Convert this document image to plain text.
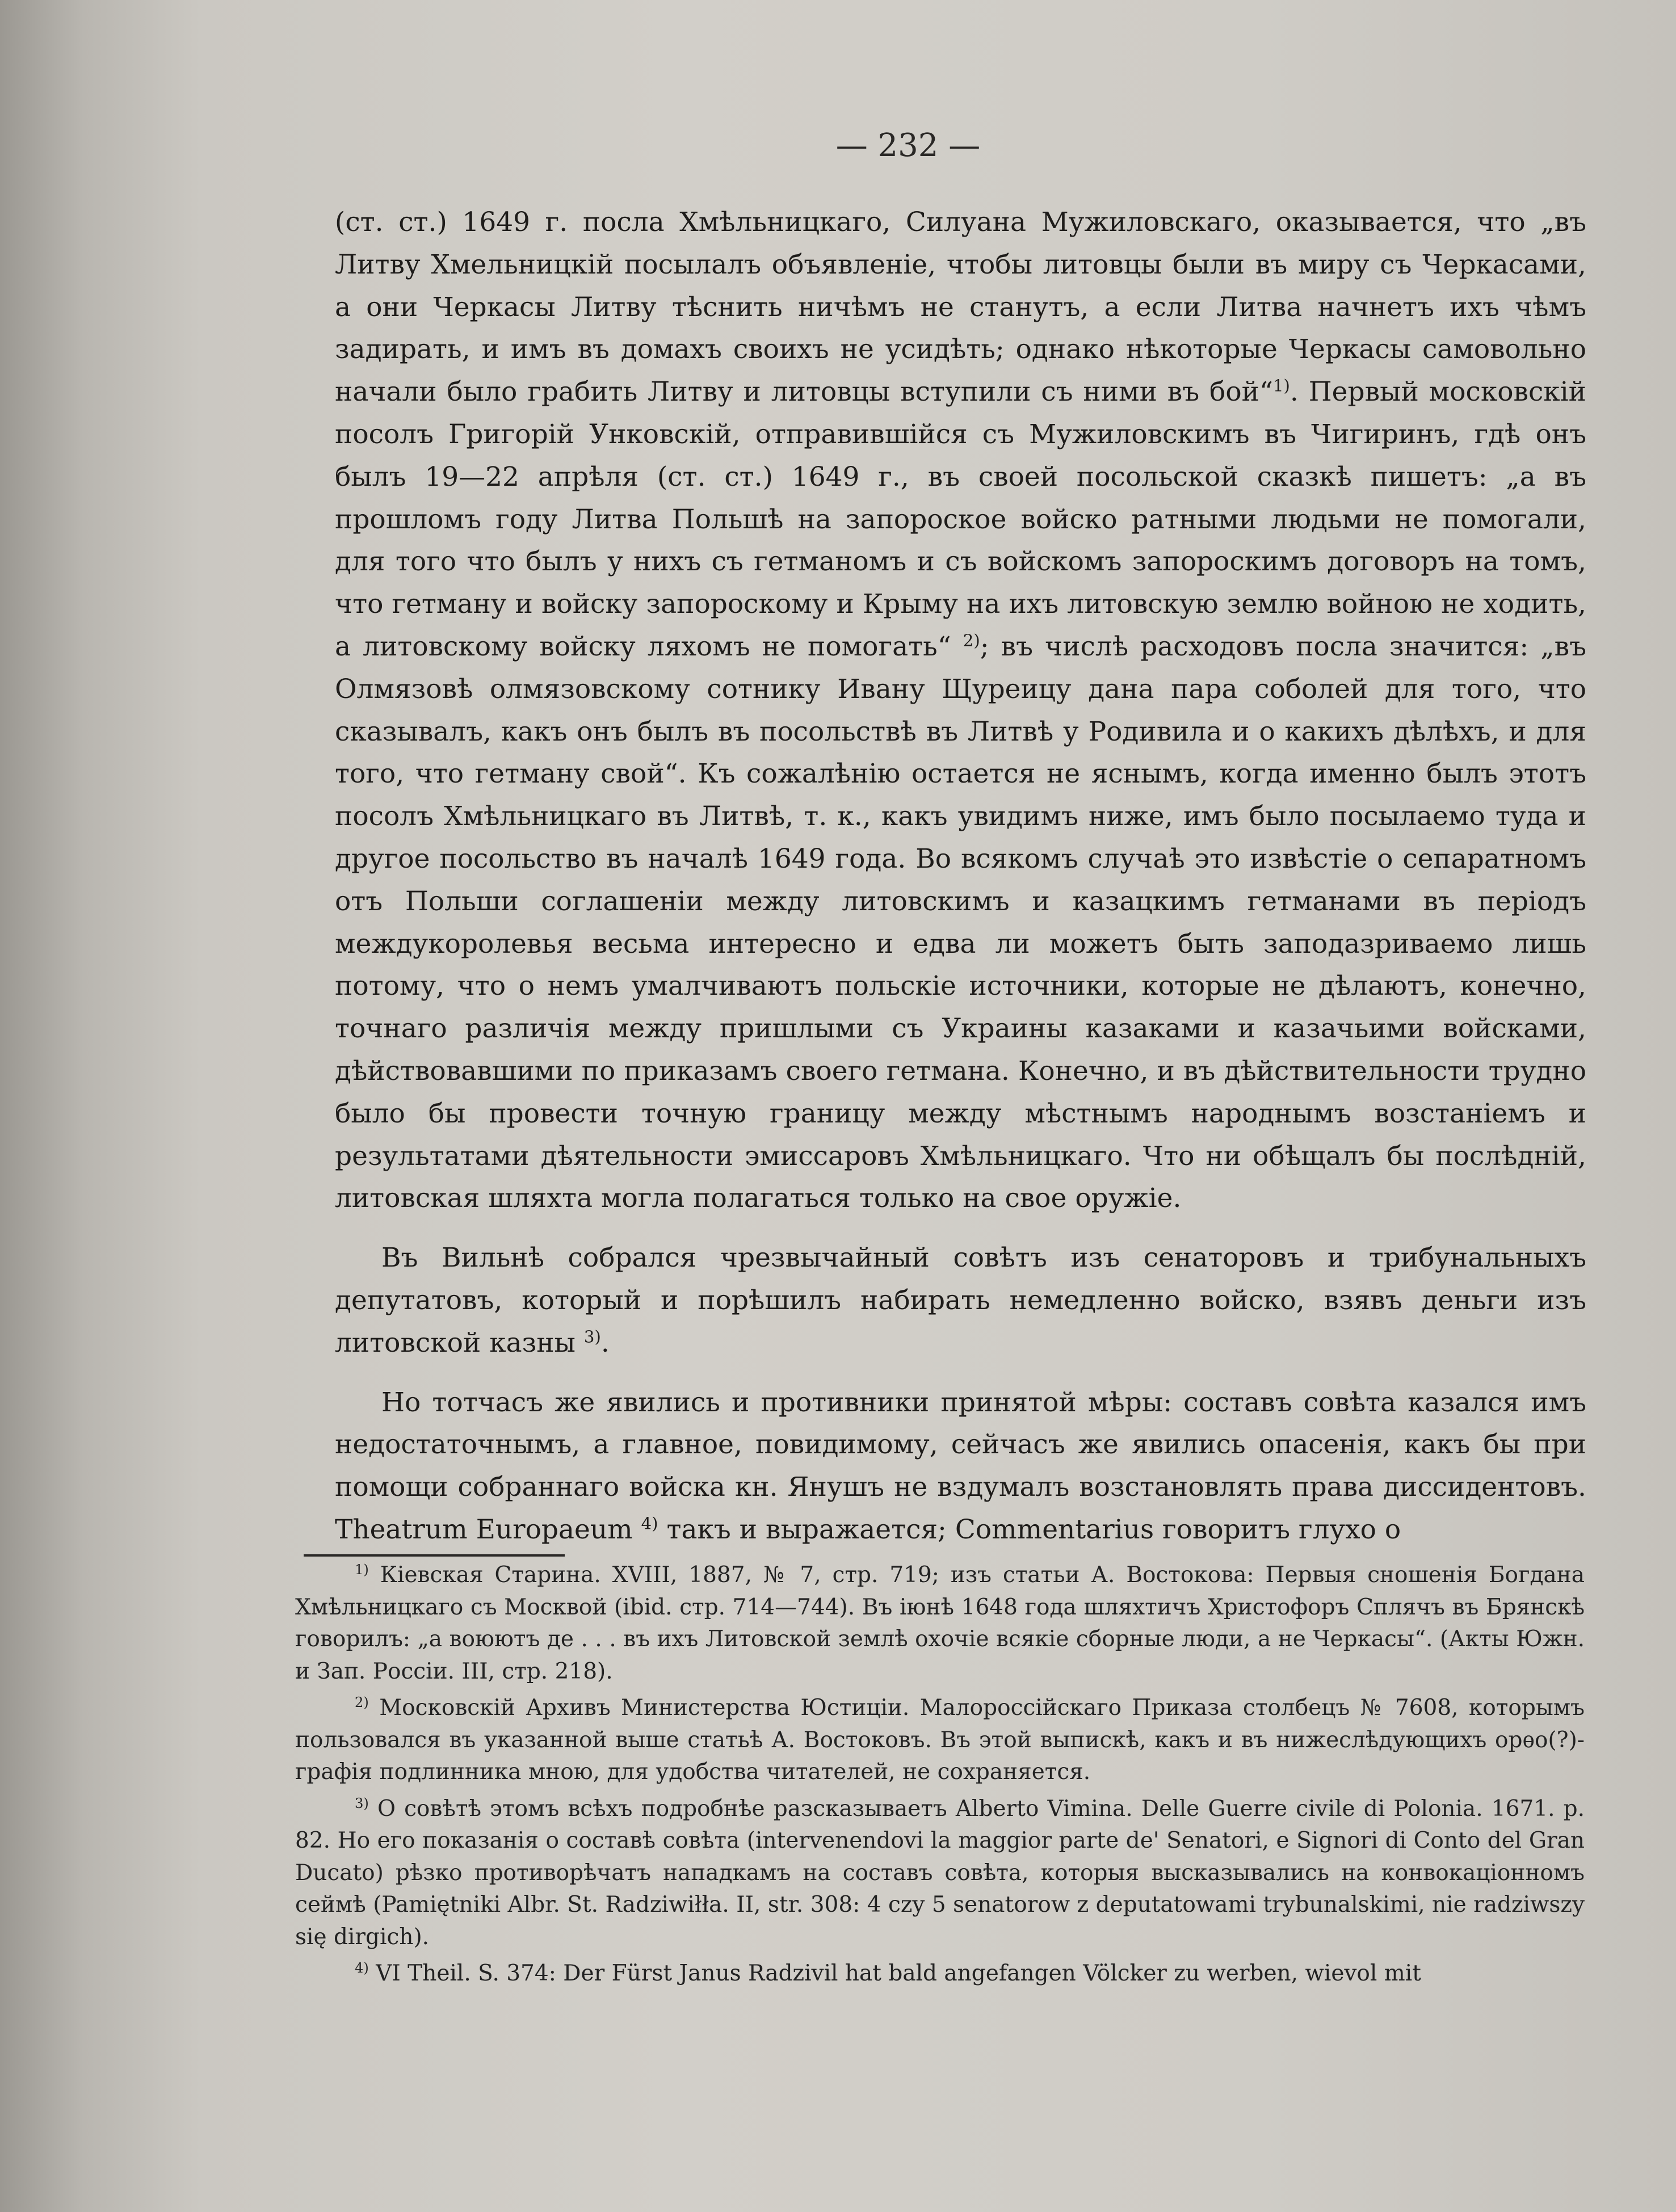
— 232 —

(ст. ст.) 1649 г. посла Хмѣльницкаго, Силуана Мужиловскаго, оказывается, что „въ Литву Хмельницкій посылалъ объявленіе, чтобы литовцы были въ миру съ Черкасами, а они Черкасы Литву тѣснить ничѣмъ не станутъ, а если Литва начнетъ ихъ чѣмъ задирать, и имъ въ домахъ своихъ не усидѣть; однако нѣкоторые Черкасы самовольно начали было грабить Литву и литовцы вступили съ ними въ бой“$^{1)}$. Первый московскій посолъ Григорій Унковскій, отправившійся съ Мужиловскимъ въ Чигиринъ, гдѣ онъ былъ 19—22 апрѣля (ст. ст.) 1649 г., въ своей посольской сказкѣ пишетъ: „а въ прошломъ году Литва Польшѣ на запороское войско ратными людьми не помогали, для того что былъ у нихъ съ гетманомъ и съ войскомъ запороскимъ договоръ на томъ, что гетману и войску запороскому и Крыму на ихъ литовскую землю войною не ходить, а литовскому войску ляхомъ не помогать“ $^{2)}$; въ числѣ расходовъ посла значится: „въ Олмязовѣ олмязовскому сотнику Ивану Щуреицу дана пара соболей для того, что сказывалъ, какъ онъ былъ въ посольствѣ въ Литвѣ у Родивила и о какихъ дѣлѣхъ, и для того, что гетману свой“. Къ сожалѣнію остается не яснымъ, когда именно былъ этотъ посолъ Хмѣльницкаго въ Литвѣ, т. к., какъ увидимъ ниже, имъ было посылаемо туда и другое посольство въ началѣ 1649 года. Во всякомъ случаѣ это извѣстіе о сепаратномъ отъ Польши соглашеніи между литовскимъ и казацкимъ гетманами въ періодъ междукоролевья весьма интересно и едва ли можетъ быть заподазриваемо лишь потому, что о немъ умалчиваютъ польскіе источники, которые не дѣлаютъ, конечно, точнаго различія между пришлыми съ Украины казаками и казачьими войсками, дѣйствовавшими по приказамъ своего гетмана. Конечно, и въ дѣйствительности трудно было бы провести точную границу между мѣстнымъ народнымъ возстаніемъ и результатами дѣятельности эмиссаровъ Хмѣльницкаго. Что ни обѣщалъ бы послѣдній, литовская шляхта могла полагаться только на свое оружіе.

Въ Вильнѣ собрался чрезвычайный совѣтъ изъ сенаторовъ и трибунальныхъ депутатовъ, который и порѣшилъ набирать немедленно войско, взявъ деньги изъ литовской казны $^{3)}$.

Но тотчасъ же явились и противники принятой мѣры: составъ совѣта казался имъ недостаточнымъ, а главное, повидимому, сейчасъ же явились опасенія, какъ бы при помощи собраннаго войска кн. Янушъ не вздумалъ возстановлять права диссидентовъ. Theatrum Europaeum $^{4)}$ такъ и выражается; Commentarius говоритъ глухо о

$^{1)}$ Кіевская Старина. XVIII, 1887, № 7, стр. 719; изъ статьи А. Востокова: Первыя сношенія Богдана Хмѣльницкаго съ Москвой (ibid. стр. 714—744). Въ іюнѣ 1648 года шляхтичъ Христофоръ Сплячъ въ Брянскѣ говорилъ: „а воюютъ де . . . въ ихъ Литовской землѣ охочіе всякіе сборные люди, а не Черкасы“. (Акты Южн. и Зап. Россіи. III, стр. 218).

$^{2)}$ Московскій Архивъ Министерства Юстиціи. Малороссійскаго Приказа столбецъ № 7608, которымъ пользовался въ указанной выше статьѣ А. Востоковъ. Въ этой выпискѣ, какъ и въ нижеслѣдующихъ орѳо(?)-графія подлинника мною, для удобства читателей, не сохраняется.

$^{3)}$ О совѣтѣ этомъ всѣхъ подробнѣе разсказываетъ Alberto Vimina. Delle Guerre civile di Polonia. 1671. p. 82. Но его показанія о составѣ совѣта (intervenendovi la maggior parte de' Senatori, e Signori di Conto del Gran Ducato) рѣзко противорѣчатъ нападкамъ на составъ совѣта, которыя высказывались на конвокаціонномъ сеймѣ (Pamiętniki Albr. St. Radziwiłła. II, str. 308: 4 czy 5 senatorow z deputatowami trybunalskimi, nie radziwszy się dirgich).

$^{4)}$ VI Theil. S. 374: Der Fürst Janus Radzivil hat bald angefangen Völcker zu werben, wievol mit
